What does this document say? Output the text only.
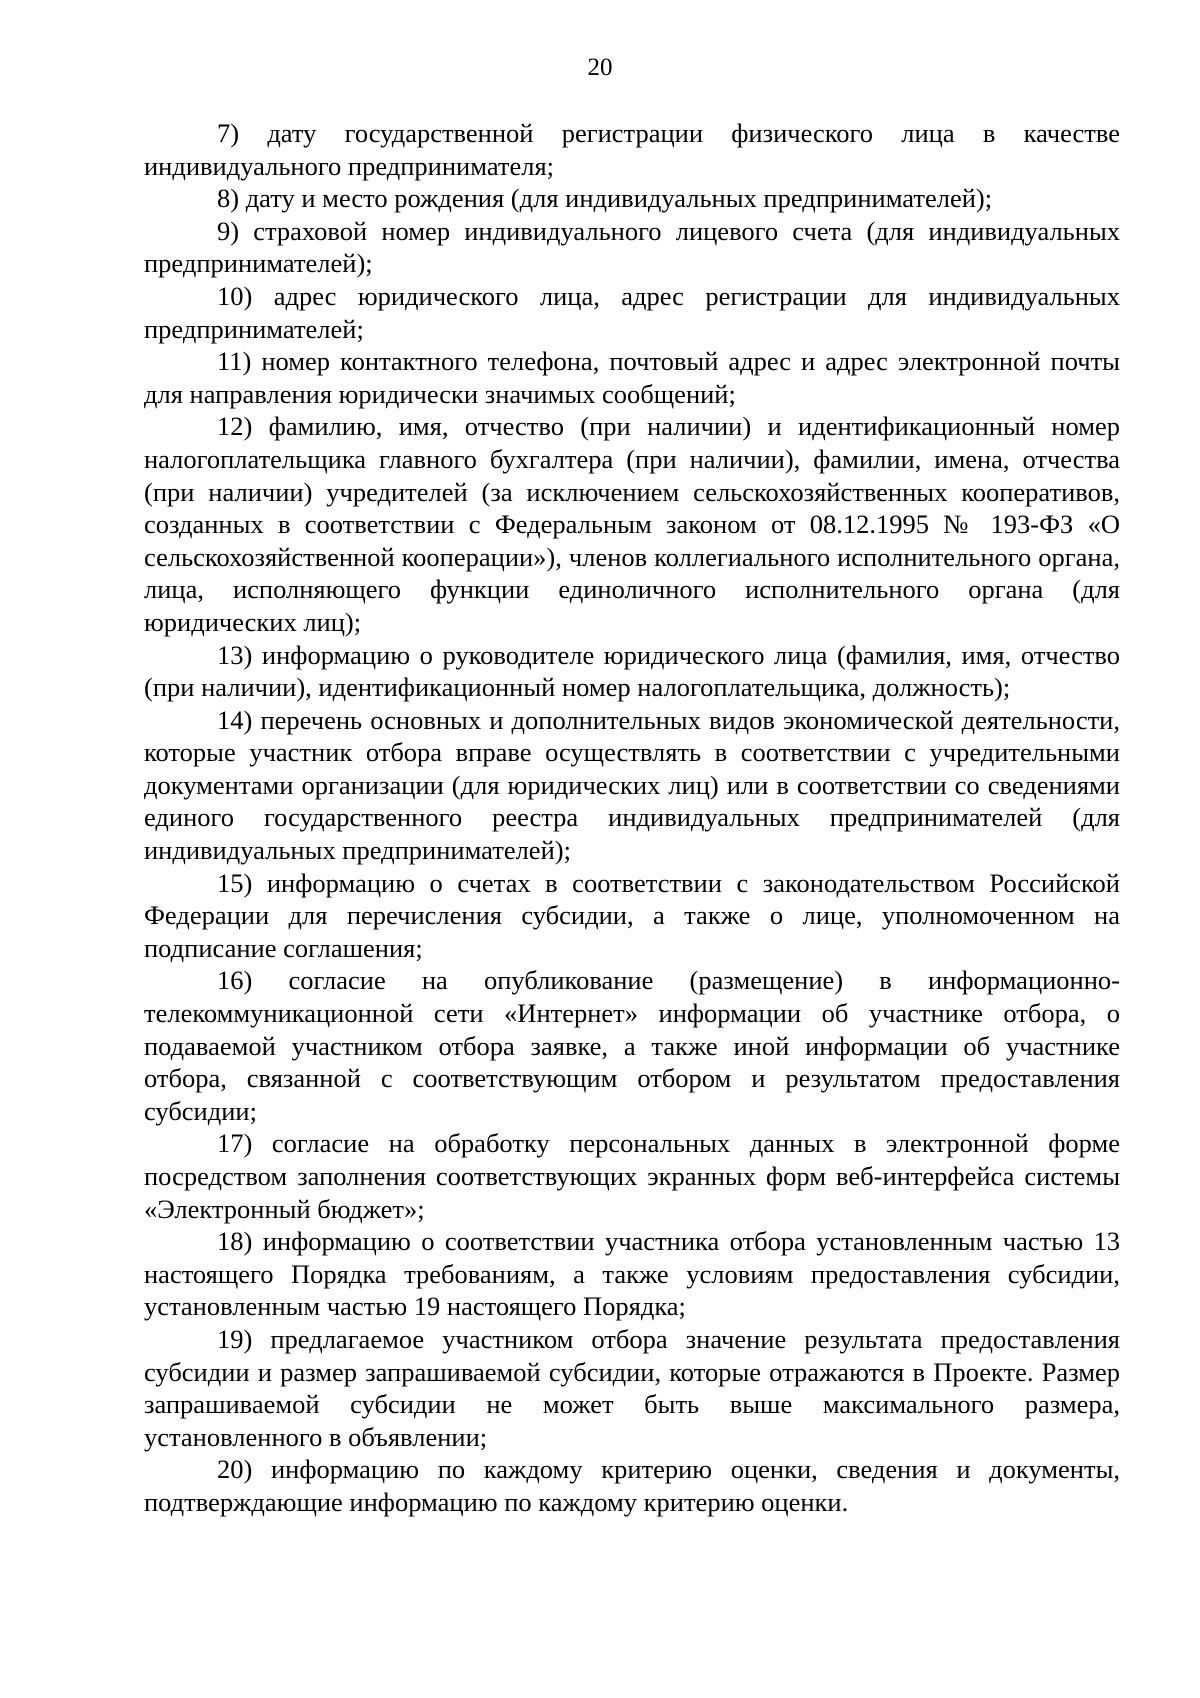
20

7) дату государственной регистрации физического лица в качестве индивидуального предпринимателя;

8) дату и место рождения (для индивидуальных предпринимателей);

9) страховой номер индивидуального лицевого счета (для индивидуальных предпринимателей);

10) адрес юридического лица, адрес регистрации для индивидуальных предпринимателей;

11) номер контактного телефона, почтовый адрес и адрес электронной почты для направления юридически значимых сообщений;

12) фамилию, имя, отчество (при наличии) и идентификационный номер налогоплательщика главного бухгалтера (при наличии), фамилии, имена, отчества (при наличии) учредителей (за исключением сельскохозяйственных кооперативов, созданных в соответствии с Федеральным законом от 08.12.1995 № 193-ФЗ «О сельскохозяйственной кооперации»), членов коллегиального исполнительного органа, лица, исполняющего функции единоличного исполнительного органа (для юридических лиц);

13) информацию о руководителе юридического лица (фамилия, имя, отчество (при наличии), идентификационный номер налогоплательщика, должность);

14) перечень основных и дополнительных видов экономической деятельности, которые участник отбора вправе осуществлять в соответствии с учредительными документами организации (для юридических лиц) или в соответствии со сведениями единого государственного реестра индивидуальных предпринимателей (для индивидуальных предпринимателей);

15) информацию о счетах в соответствии с законодательством Российской Федерации для перечисления субсидии, а также о лице, уполномоченном на подписание соглашения;

16) согласие на опубликование (размещение) в информационно-телекоммуникационной сети «Интернет» информации об участнике отбора, о подаваемой участником отбора заявке, а также иной информации об участнике отбора, связанной с соответствующим отбором и результатом предоставления субсидии;

17) согласие на обработку персональных данных в электронной форме посредством заполнения соответствующих экранных форм веб-интерфейса системы «Электронный бюджет»;

18) информацию о соответствии участника отбора установленным частью 13 настоящего Порядка требованиям, а также условиям предоставления субсидии, установленным частью 19 настоящего Порядка;

19) предлагаемое участником отбора значение результата предоставления субсидии и размер запрашиваемой субсидии, которые отражаются в Проекте. Размер запрашиваемой субсидии не может быть выше максимального размера, установленного в объявлении;

20) информацию по каждому критерию оценки, сведения и документы, подтверждающие информацию по каждому критерию оценки.
